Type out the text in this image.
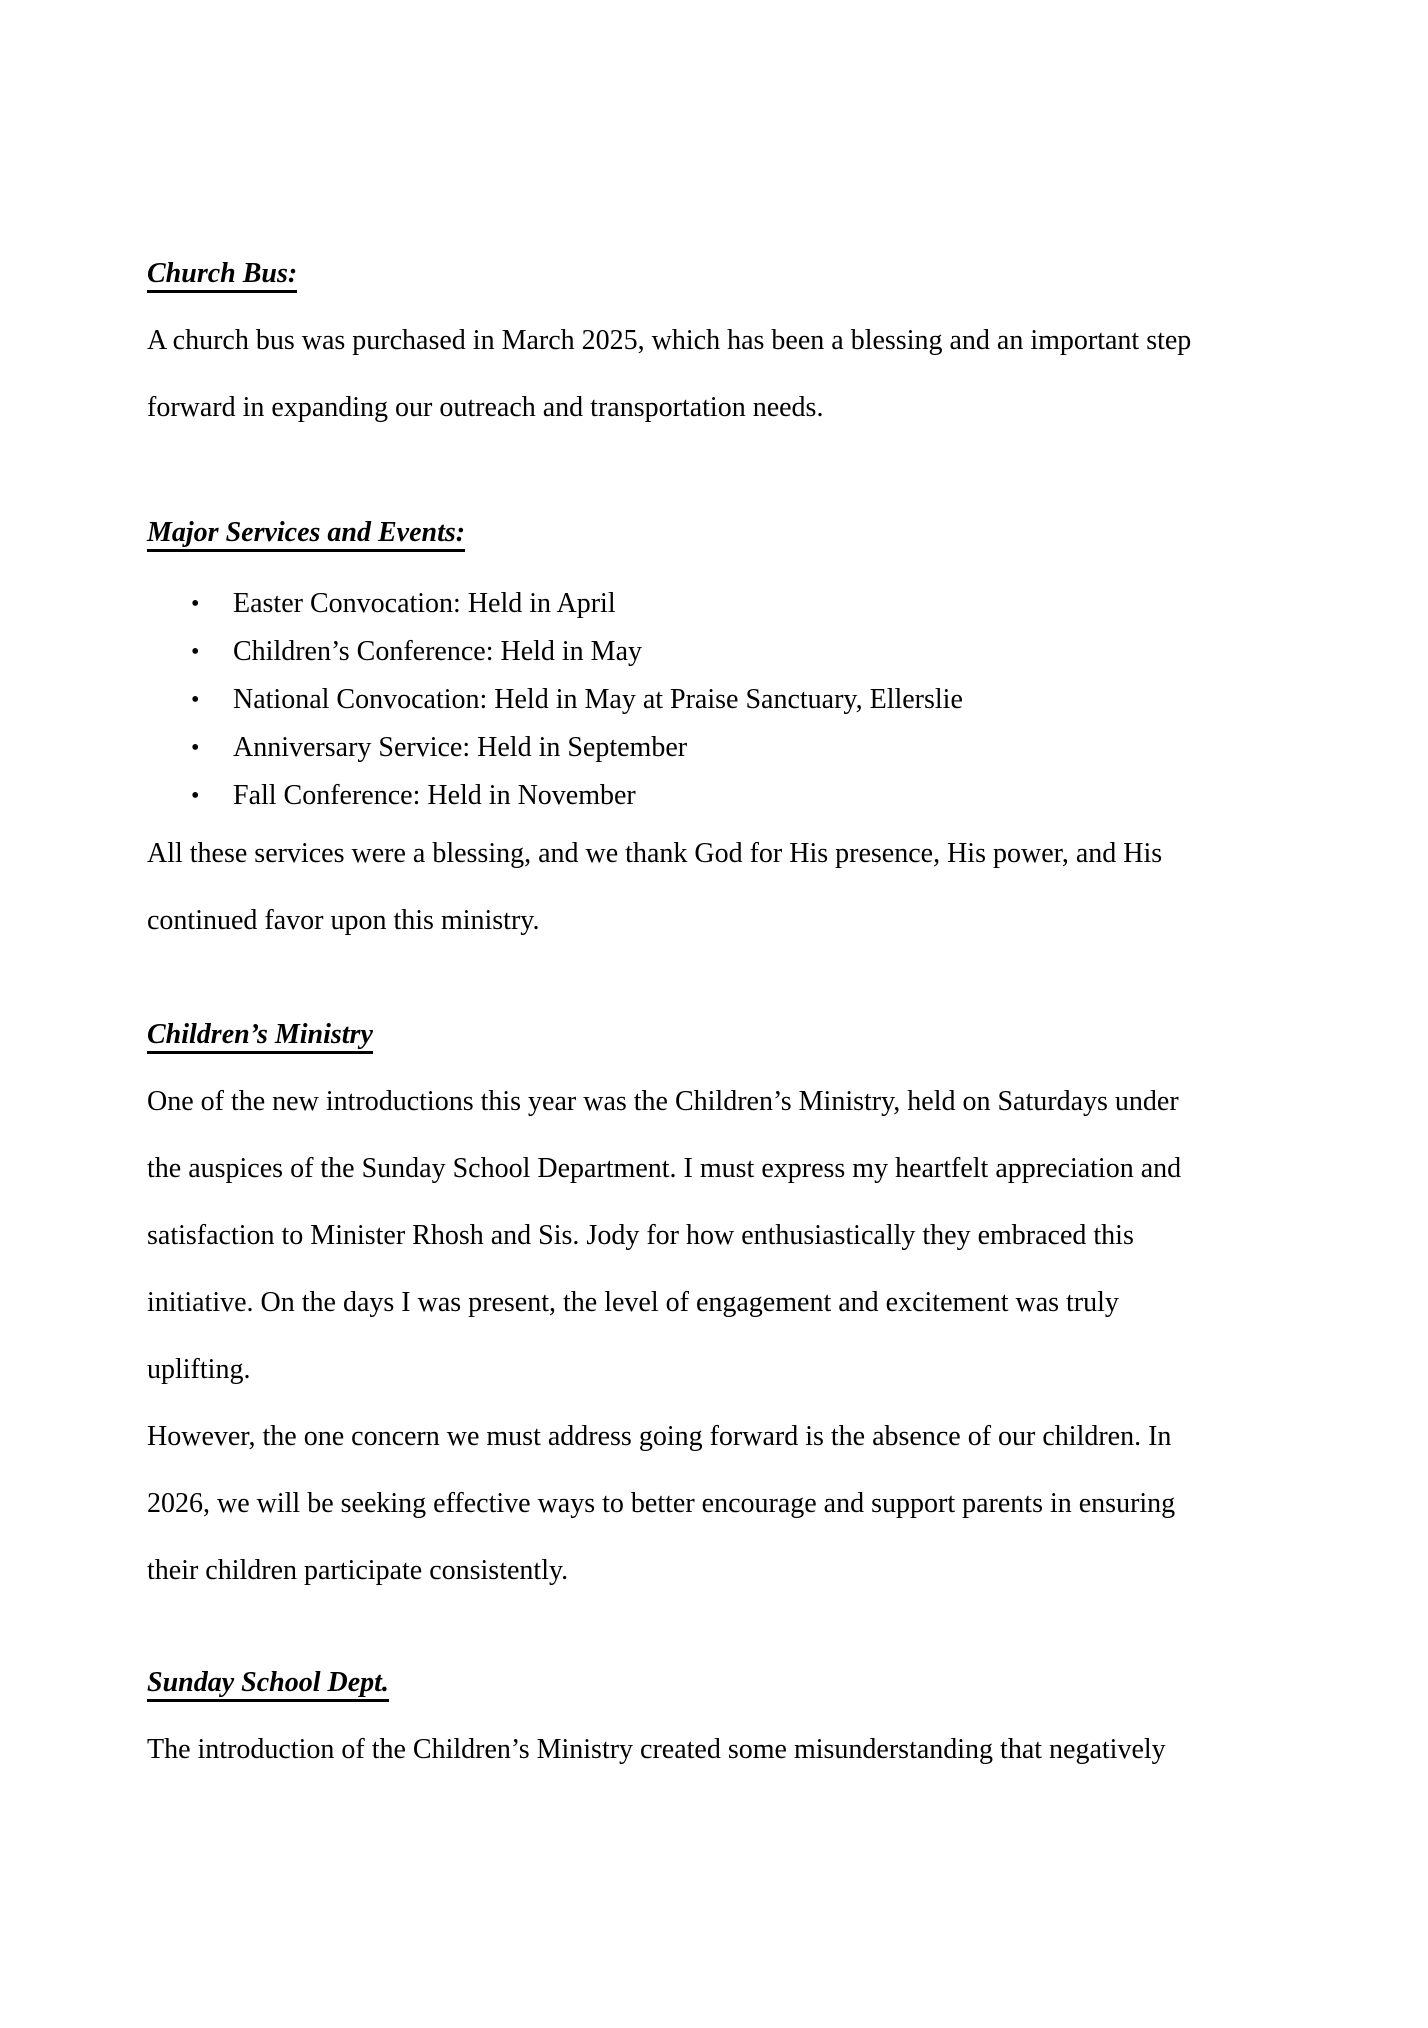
Church Bus:
A church bus was purchased in March 2025, which has been a blessing and an important step
forward in expanding our outreach and transportation needs.
Major Services and Events:
• Easter Convocation: Held in April
• Children’s Conference: Held in May
• National Convocation: Held in May at Praise Sanctuary, Ellerslie
• Anniversary Service: Held in September
• Fall Conference: Held in November
All these services were a blessing, and we thank God for His presence, His power, and His
continued favor upon this ministry.
Children’s Ministry
One of the new introductions this year was the Children’s Ministry, held on Saturdays under
the auspices of the Sunday School Department. I must express my heartfelt appreciation and
satisfaction to Minister Rhosh and Sis. Jody for how enthusiastically they embraced this
initiative. On the days I was present, the level of engagement and excitement was truly
uplifting.
However, the one concern we must address going forward is the absence of our children. In
2026, we will be seeking effective ways to better encourage and support parents in ensuring
their children participate consistently.
Sunday School Dept.
The introduction of the Children’s Ministry created some misunderstanding that negatively
